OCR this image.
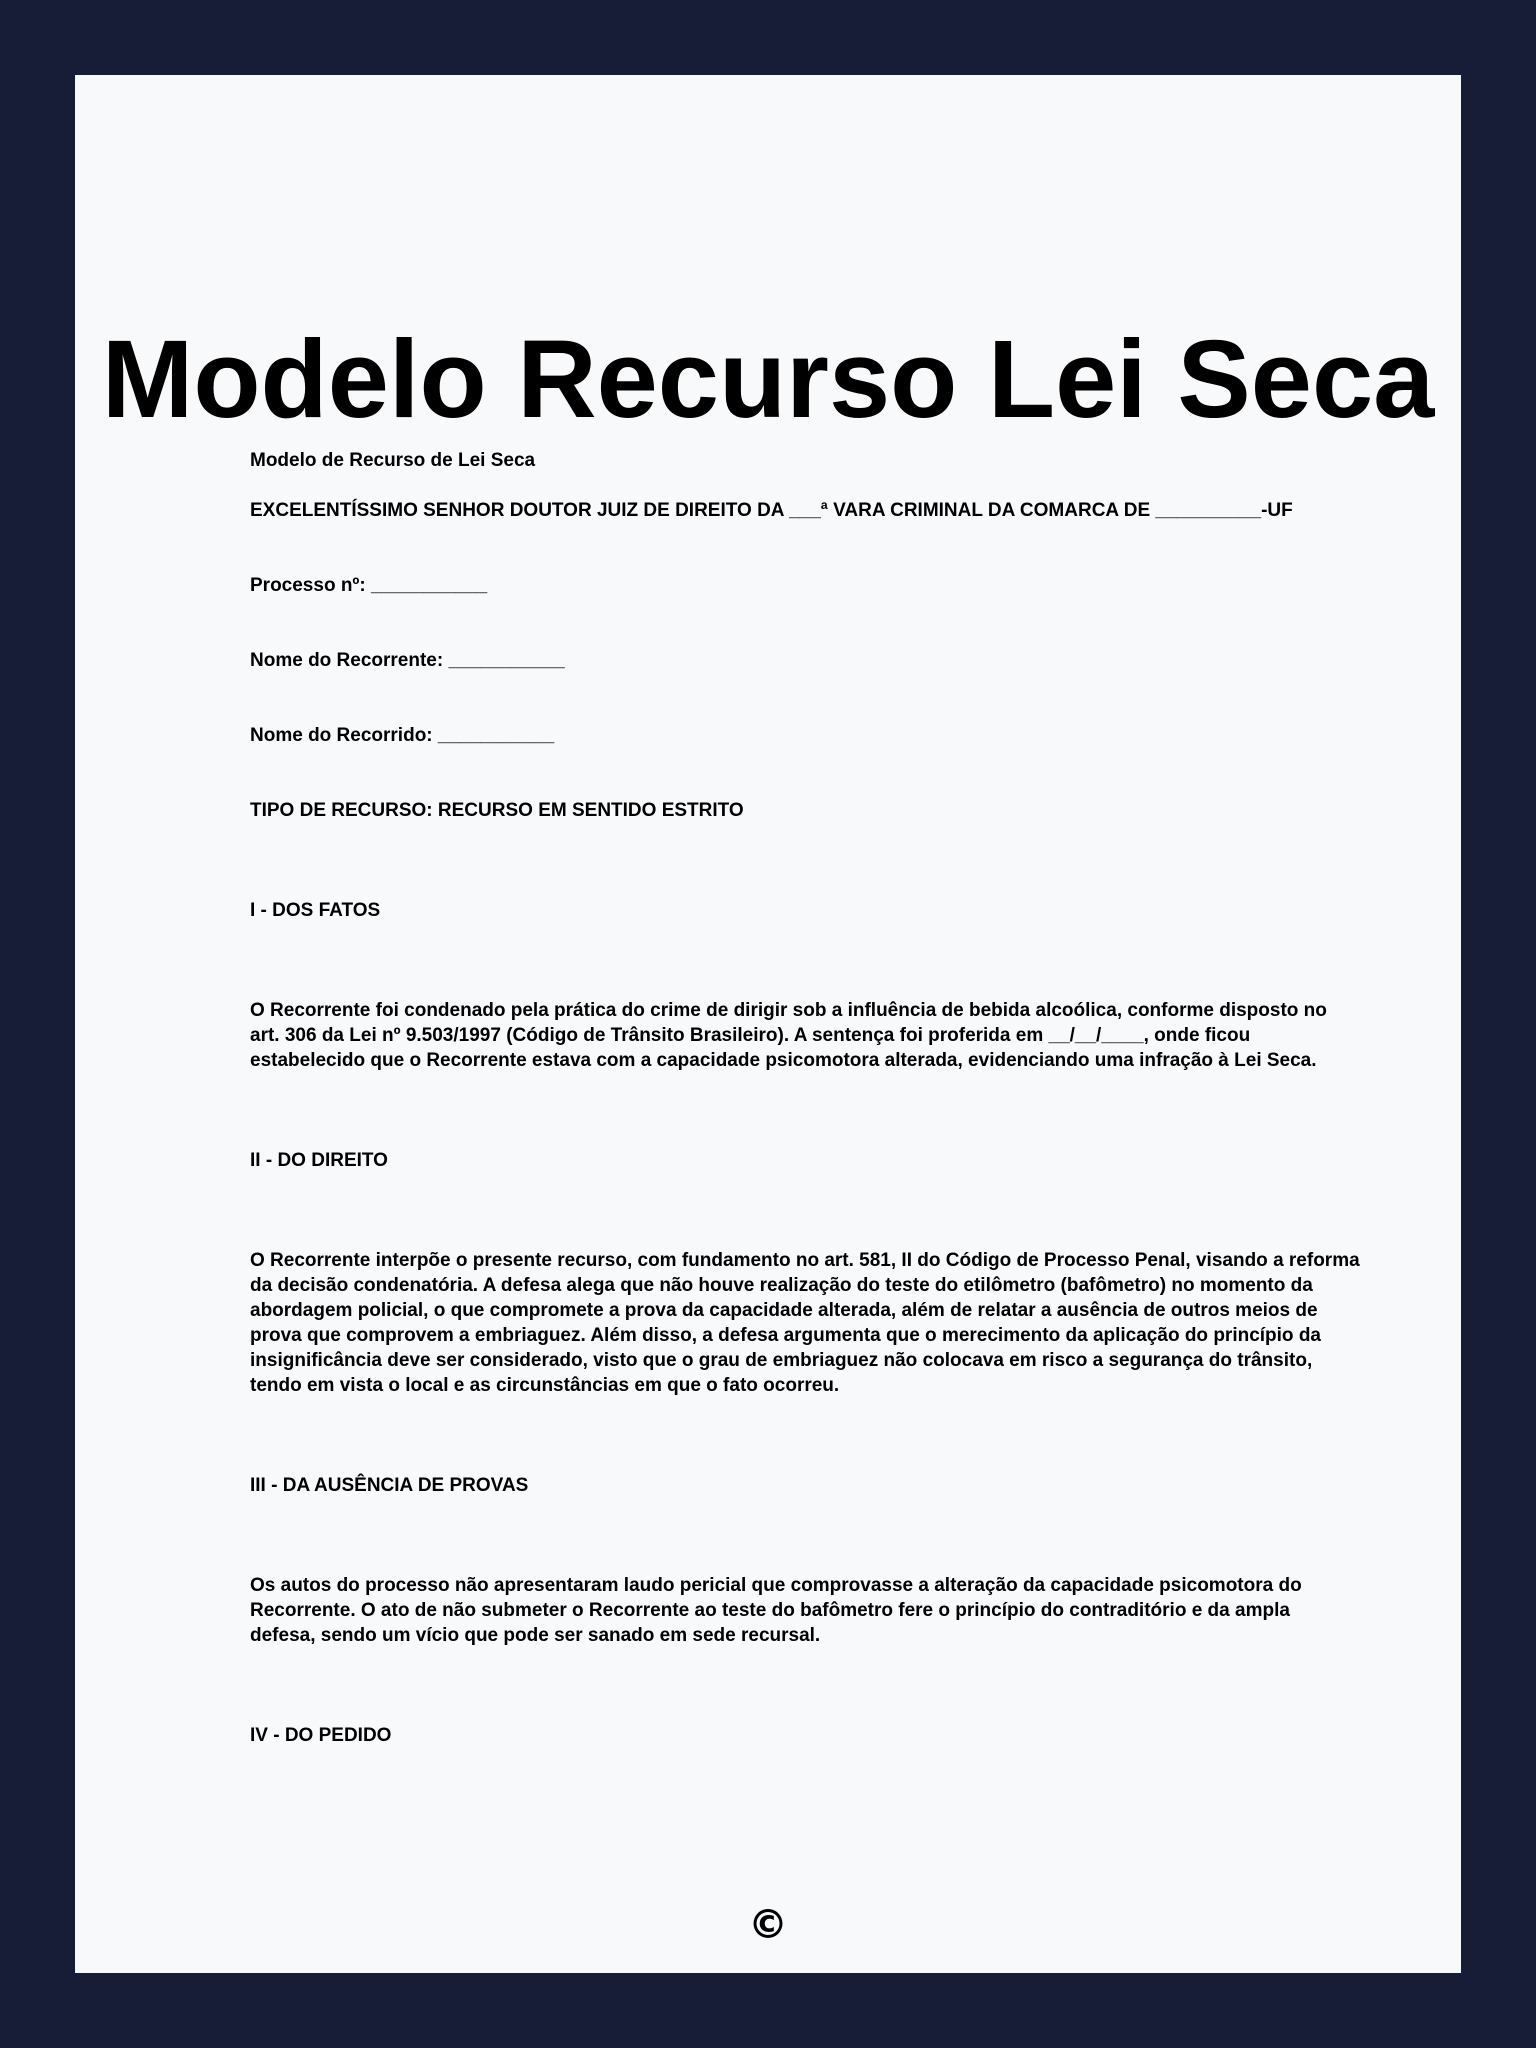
Modelo Recurso Lei Seca

Modelo de Recurso de Lei Seca

EXCELENTÍSSIMO SENHOR DOUTOR JUIZ DE DIREITO DA ___ª VARA CRIMINAL DA COMARCA DE __________-UF

Processo nº: ___________

Nome do Recorrente: ___________

Nome do Recorrido: ___________

TIPO DE RECURSO: RECURSO EM SENTIDO ESTRITO

I - DOS FATOS

O Recorrente foi condenado pela prática do crime de dirigir sob a influência de bebida alcoólica, conforme disposto no art. 306 da Lei nº 9.503/1997 (Código de Trânsito Brasileiro). A sentença foi proferida em __/__/____, onde ficou estabelecido que o Recorrente estava com a capacidade psicomotora alterada, evidenciando uma infração à Lei Seca.

II - DO DIREITO

O Recorrente interpõe o presente recurso, com fundamento no art. 581, II do Código de Processo Penal, visando a reforma da decisão condenatória. A defesa alega que não houve realização do teste do etilômetro (bafômetro) no momento da abordagem policial, o que compromete a prova da capacidade alterada, além de relatar a ausência de outros meios de prova que comprovem a embriaguez. Além disso, a defesa argumenta que o merecimento da aplicação do princípio da insignificância deve ser considerado, visto que o grau de embriaguez não colocava em risco a segurança do trânsito, tendo em vista o local e as circunstâncias em que o fato ocorreu.

III - DA AUSÊNCIA DE PROVAS

Os autos do processo não apresentaram laudo pericial que comprovasse a alteração da capacidade psicomotora do Recorrente. O ato de não submeter o Recorrente ao teste do bafômetro fere o princípio do contraditório e da ampla defesa, sendo um vício que pode ser sanado em sede recursal.

IV - DO PEDIDO

©
